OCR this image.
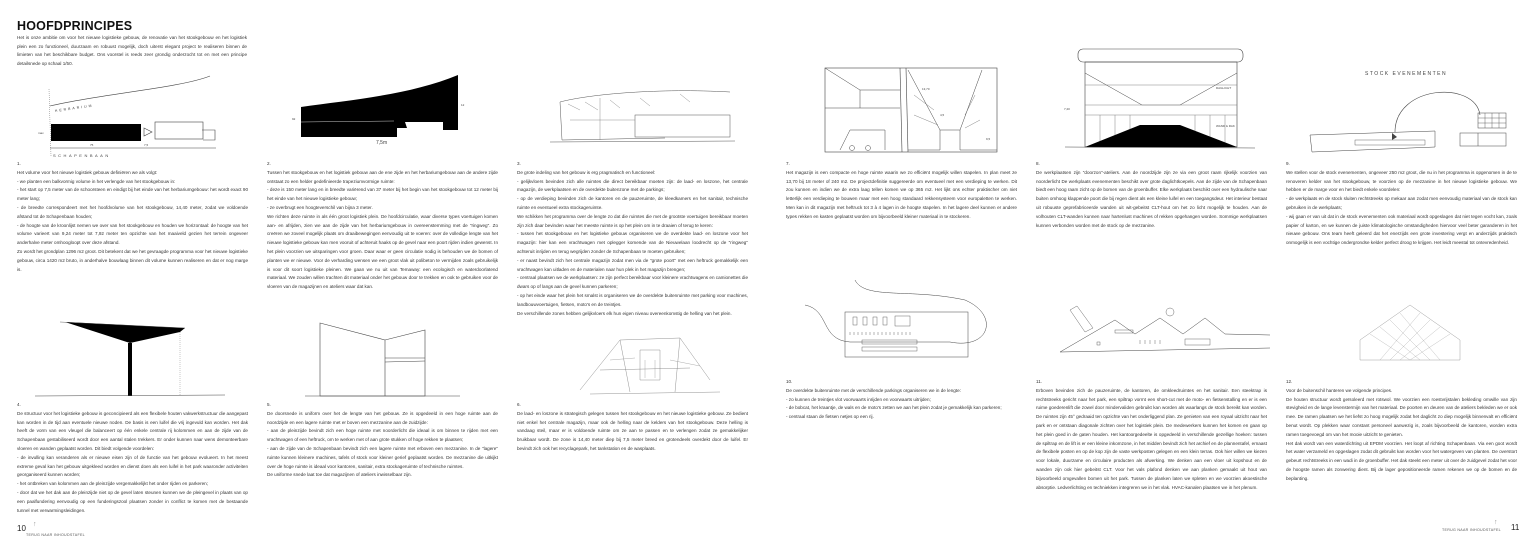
HOOFDPRINCIPES

Het is onze ambitie om voor het nieuwe logistieke gebouw, de renovatie van het stookgebouw en het logistiek plein een zo functioneel, duurzaam en robuust mogelijk, doch uiterst elegant project te realiseren binnen de limieten van het beschikbare budget. Ons voorstel is reeds zeer grondig onderzocht tot en met een principe detailsnede op schaal 1/50.

HERBARIUM
SCHAPENBAAN
max
75	7,5
92
12
7,5m
13,70
4,5
9,5
DAGLICHT
WAND & RAK
7,20
STOCK EVENEMENTEN
1.

Het volume voor het nieuwe logistiek gebouw definiëren we als volgt:

- we planten een balkvormig volume in het verlengde van het stookgebouw in:

- het start op 7,5 meter van de schoorsteen en eindigt bij het einde van het herbariumgebouw: het wordt exact 90 meter lang;

- de breedte correspondeert met het hoofdvolume van het stookgebouw, 14,40 meter, zodat we voldoende afstand tot de Schapenbaan houden;

- de hoogte van de kroonlijst nemen we over van het stookgebouw en houden we horizontaal: de hoogte van het volume varieert van 9,24 meter tot 7,92 meter ten opzichte van het maaiveld gezien het terrein ongeveer anderhalve meter omhoogloopt over deze afstand.

Zo wordt het grondplan 1296 m2 groot. Dit betekent dat we het gevraagde programma voor het nieuwe logistieke gebouw, circa 1420 m2 bruto, in anderhalve bouwlaag binnen dit volume kunnen realiseren en dat er nog marge is.

2.

Tussen het stookgebouw en het logistiek gebouw aan de ene zijde en het herbariumgebouw aan de andere zijde ontstaat zo een helder gedefinieerde trapeziumvormige ruimte:

- deze is 150 meter lang en in breedte variërend van 37 meter bij het begin van het stookgebouw tot 12 meter bij het einde van het nieuwe logistieke gebouw;

- ze overbrugt een hoogteverschil van bijna 3 meter.

We richten deze ruimte in als één groot logistiek plein. De hoofdcirculatie, waar diverse types voertuigen komen aan- en afrijden, zien we aan de zijde van het herbariumgebouw in overeenstemming met de "ringweg". Zo creëren we zoveel mogelijk plaats om draaibewegingen eenvoudig uit te voeren: over de volledige lengte van het nieuwe logistieke gebouw kan men vooruit of achteruit haaks op de gevel naar een poort rijden indien gewenst. In het plein voorzien we uitsparingen voor groen. Daar waar er geen circulatie nodig is behouden we de bomen of planten we er nieuwe. Voor de verharding wensen we een groot vlak uit polibeton te vermijden zoals gebruikelijk is voor dit soort logistieke pleinen. We gaan we nu uit van Temaway: een ecologisch en waterdoorlatend materiaal. We zouden willen trachten dit materiaal onder het gebouw door te trekken en ook te gebruiken voor de vloeren van de magazijnen en ateliers waar dat kan.

3.

De grote indeling van het gebouw is erg pragmatisch en functioneel:

- gelijkvloers bevinden zich alle ruimtes die direct bereikbaar moeten zijn: de laad- en loszone, het centrale magazijn, de werkplaatsen en de overdekte buitenzone met de parkings;

- op de verdieping bevinden zich de kantoren en de pauzeruimte, de kleedkamers en het sanitair, technische ruimte en eventueel extra stockageruimte.

We schikken het programma over de lengte zo dat die ruimtes die met de grootste voertuigen bereikbaar moeten zijn zich daar bevinden waar het meeste ruimte is op het plein om in te draaien of terug te keren:

- tussen het stookgebouw en het logistieke gebouw organiseren we de overdekte laad- en loszone voor het magazijn: hier kan een vrachtwagen met oplegger komende van de Nieuwelaan loodrecht op de "ringweg" achteruit inrijden en terug wegrijden zonder de Schapenbaan te moeten gebruiken;

- er naast bevindt zich het centrale magazijn zodat men via de "grote poort" met een heftruck gemakkelijk een vrachtwagen kan uitladen en de materialen naar hun plek in het magazijn brengen;

- centraal plaatsen we de werkplaatsen: ze zijn perfect bereikbaar voor kleinere vrachtwagens en camionettes die dwars op of langs aan de gevel kunnen parkeren;

- op het einde waar het plein het smalst is organiseren we de overdekte buitenruimte met parking voor machines, landbouwvoertuigen, fietsen, moto's en de treintjes.

De verschillende zones hebben gelijkvloers elk hun eigen niveau overeenkomstig de helling van het plein.

4.

De structuur voor het logistieke gebouw is geconcipieerd als een flexibele houten vakwerkstructuur die aangepast kan worden in de tijd aan eventuele nieuwe noden. De basis is een luifel die vrij ingevuld kan worden. Het dak heeft de vorm van een vleugel die balanceert op één enkele centrale rij kolommen en aan de zijde van de Schapenbaan gestabiliseerd wordt door een aantal stalen trekkers. Er onder kunnen naar wens demonteerbare vloeren en wanden geplaatst worden. Dit biedt volgende voordelen:

- de invulling kan veranderen als er nieuwe eisen zijn of de functie van het gebouw evolueert. In het meest extreme geval kan het gebouw uitgekleed worden en dienst doen als een luifel in het park waaronder activiteiten georganiseerd kunnen worden;

- het ontbreken van kolommen aan de pleinzijde vergemakkelijkt het onder rijden en parkeren;

- door dat we het dak aan de pleinzijde niet op de gevel laten steunen kunnen we de pleingevel in plaats van op een paalfundering eenvoudig op een funderingszool plaatsen zonder in conflict te komen met de bestaande tunnel met verwarmingsleidingen.

5.

De doorsnede is uniform over het de lengte van het gebouw. Ze is opgedeeld in een hoge ruimte aan de noordzijde en een lagere ruimte met er boven een mezzanine aan de zuidzijde:

- aan de pleinzijde bevindt zich een hoge ruimte met noorderlicht die ideaal is om binnen te rijden met een vrachtwagen of een heftruck, om te werken met of aan grote stukken of hoge rekken te plaatsen;

- aan de zijde van de Schapenbaan bevindt zich een lagere ruimte met erboven een mezzanine. In de "lagere" ruimte kunnen kleinere machines, tafels of stock voor kleiner gerief geplaatst worden. De mezzanine die uitkijkt over de hoge ruimte is ideaal voor kantoren, sanitair, extra stockageruimte of technische ruimtes.

De uniforme snede laat toe dat magazijnen of ateliers inwisselbaar zijn.

6.

De laad- en loszone is strategisch gelegen tussen het stookgebouw en het nieuwe logistieke gebouw. Ze bedient niet enkel het centrale magazijn, maar ook de helling naar de kelders van het stookgebouw. Deze helling is vandaag steil, maar er is voldoende ruimte om ze aan te passen en te verlengen zodat ze gemakkelijker bruikbaar wordt. De zone is 14,40 meter diep bij 7,5 meter breed en grotendeels overdekt door de luifel. Er bevindt zich ook het recyclagepark, het tankstation en de wasplaats.

7.

Het magazijn is een compacte en hoge ruimte waarin we zo efficiënt mogelijk willen stapelen. In plan meet ze 13,70 bij 18 meter of 240 m2. De projectdefinitie suggereerde om eventueel met een verdieping te werken. Dit zou kunnen en indien we de extra laag tellen komen we op 365 m2. Het lijkt ons echter praktischer om niet letterlijk een verdieping te bouwen maar met een hoog standaard rekkensysteem voor europaletten te werken. Men kan in dit magazijn met heftruck tot 3 à 4 lagen in de hoogte stapelen. In het lagere deel kunnen er andere types rekken en kasten geplaatst worden om bijvoorbeeld kleiner materiaal in te stockeren.

8.

De werkplaatsen zijn "doorzon"-ateliers. Aan de noordzijde zijn ze via een groot raam rijkelijk voorzien van noorderlicht De werkplaats evenementen beschikt over grote daglichtkoepels. Aan de zijde van de Schapenbaan biedt een hoog raam zicht op de bomen van de groenbuffer. Elke werkplaats beschikt over een hydraulische naar buiten omhoog klappende poort die bij regen dient als een kleine luifel en een toegangsdeur. Het interieur bestaat uit robuuste geprefabriceerde wanden uit wit-gebeitst CLT-hout om het zo licht mogelijk te houden. Aan de volhouten CLT-wanden kunnen naar hartenlust machines of rekken opgehangen worden. Sommige werkplaatsen kunnen verbonden worden met de stock op de mezzanine.

9.

We stellen voor de stock evenementen, ongeveer 250 m2 groot, die nu in het programma is opgenomen in de te renoveren kelder van het stookgebouw, te voorzien op de mezzanine in het nieuwe logistieke gebouw. We hebben er de marge voor en het biedt enkele voordelen:

- de werkplaats en de stock sluiten rechtstreeks op mekaar aan zodat men eenvoudig materiaal van de stock kan gebruiken in de werkplaats;

- wij gaan er van uit dat in de stock evenementen ook materiaal wordt opgeslagen dat niet tegen vocht kan, zoals papier of karton, en we kunnen de juiste klimatologische omstandigheden hiervoor veel beter garanderen in het nieuwe gebouw. Ons team heeft geleerd dat het enerzijds een grote investering vergt en anderzijds praktisch onmogelijk is een vochtige ondergrondse kelder perfect droog te krijgen. Het leidt meestal tot ontevredenheid.

10.

De overdekte buitenruimte met de verschillende parkings organiseren we in de lengte:

- zo kunnen de treintjes vlot voorwaarts inrijden en voorwaarts uitrijden;

- de bobcat, het kraantje, de wals en de moto's zetten we aan het plein zodat je gemakkelijk kan parkeren;

- centraal staan de fietsen netjes op een rij.

11.

Erboven bevinden zich de pauzeruimte, de kantoren, de omkleedruimtes en het sanitair. Een steektrap is rechtstreeks gericht naar het park, een spiltrap vormt een short-cut met de moto- en fietsenstalling en er is een ruime goederenlift die zowel door mindervaliden gebruikt kan worden als waarlangs de stock bereikt kan worden. De ruimtes zijn 45° gedraaid ten opzichte van het onderliggend plan. Ze genieten van een royaal uitzicht naar het park en er ontstaan diagonale zichten over het logistiek plein. De medewerkers kunnen het komen en gaan op het plein goed in de gaten houden. Het kantoorgedeelte is opgedeeld in verschillende gezellige hoeken: tussen de spiltrap en de lift is er een kleine inkomzone, in het midden bevindt zich het archief en de plannentafel, ernaast de flexibele posten en op de kop zijn de vaste werkposten gelegen en een klein terras. Ook hier willen we kiezen voor lokale, duurzame en circulaire producten als afwerking. We denken aan een vloer uit kopshout en de wanden zijn ook hier gebeitst CLT. Voor het vals plafond denken we aan planken gemaakt uit hout van bijvoorbeeld omgevallen bomen uit het park. Tussen de planken laten we spleten en we voorzien akoestische absorptie. Ledverlichting en techniekken integreren we in het vlak. HVAC-kanalen plaatsen we in het plenum.

12.

Voor de buitenschil hanteren we volgende principes.

De houten structuur wordt geïsoleerd met rotswol. We voorzien een roestvrijstalen bekleding omwille van zijn stevigheid en de lange levenstermijn van het materiaal. De poorten en deuren van de ateliers bekleden we er ook mee. De ramen plaatsen we het liefst zo hoog mogelijk zodat het daglicht zo diep mogelijk binnenvalt en efficiënt benut wordt. Op plekken waar constant personeel aanwezig is, zoals bijvoorbeeld de kantoren, worden extra ramen toegevoegd om van het mooie uitzicht te genieten.

Het dak wordt van een waterdichting uit EPDM voorzien. Het loopt af richting Schapenbaan. Via een goot wordt het water verzameld en opgeslagen zodat dit gebruikt kan worden voor het watergeven van planten. De overstort gebeurt rechtstreeks in een wadi in de groenbuffer. Het dak steekt een meter uit over de zuidgevel zodat het voor de hoogste ramen als zonwering dient. Bij de lager gepositioneerde ramen rekenen we op de bomen en de beplanting.

10 ↑
TERUG NAAR INHOUDSTAFEL
TERUG NAAR INHOUDSTAFEL
↑
11
